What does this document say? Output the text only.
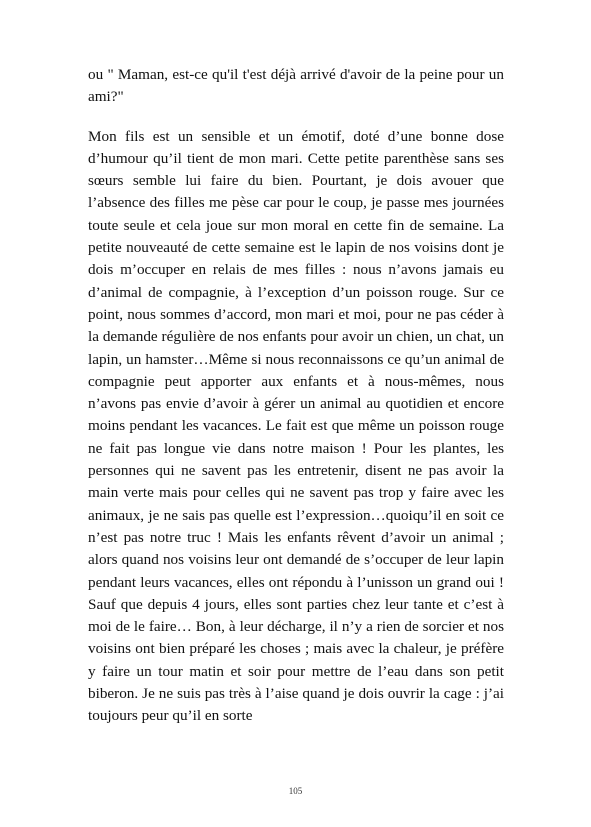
ou " Maman, est-ce qu'il t'est déjà arrivé d'avoir de la peine pour un ami?"

Mon fils est un sensible et un émotif, doté d’une bonne dose d’humour qu’il tient de mon mari. Cette petite parenthèse sans ses sœurs semble lui faire du bien. Pourtant, je dois avouer que l’absence des filles me pèse car pour le coup, je passe mes journées toute seule et cela joue sur mon moral en cette fin de semaine. La petite nouveauté de cette semaine est le lapin de nos voisins dont je dois m’occuper en relais de mes filles : nous n’avons jamais eu d’animal de compagnie, à l’exception d’un poisson rouge. Sur ce point, nous sommes d’accord, mon mari et moi, pour ne pas céder à la demande régulière de nos enfants pour avoir un chien, un chat, un lapin, un hamster…Même si nous reconnaissons ce qu’un animal de compagnie peut apporter aux enfants et à nous-mêmes, nous n’avons pas envie d’avoir à gérer un animal au quotidien et encore moins pendant les vacances. Le fait est que même un poisson rouge ne fait pas longue vie dans notre maison ! Pour les plantes, les personnes qui ne savent pas les entretenir, disent ne pas avoir la main verte mais pour celles qui ne savent pas trop y faire avec les animaux, je ne sais pas quelle est l’expression…quoiqu’il en soit ce n’est pas notre truc ! Mais les enfants rêvent d’avoir un animal ; alors quand nos voisins leur ont demandé de s’occuper de leur lapin pendant leurs vacances, elles ont répondu à l’unisson un grand oui ! Sauf que depuis 4 jours, elles sont parties chez leur tante et c’est à moi de le faire… Bon, à leur décharge, il n’y a rien de sorcier et nos voisins ont bien préparé les choses ; mais avec la chaleur, je préfère y faire un tour matin et soir pour mettre de l’eau dans son petit biberon. Je ne suis pas très à l’aise quand je dois ouvrir la cage : j’ai toujours peur qu’il en sorte

105
